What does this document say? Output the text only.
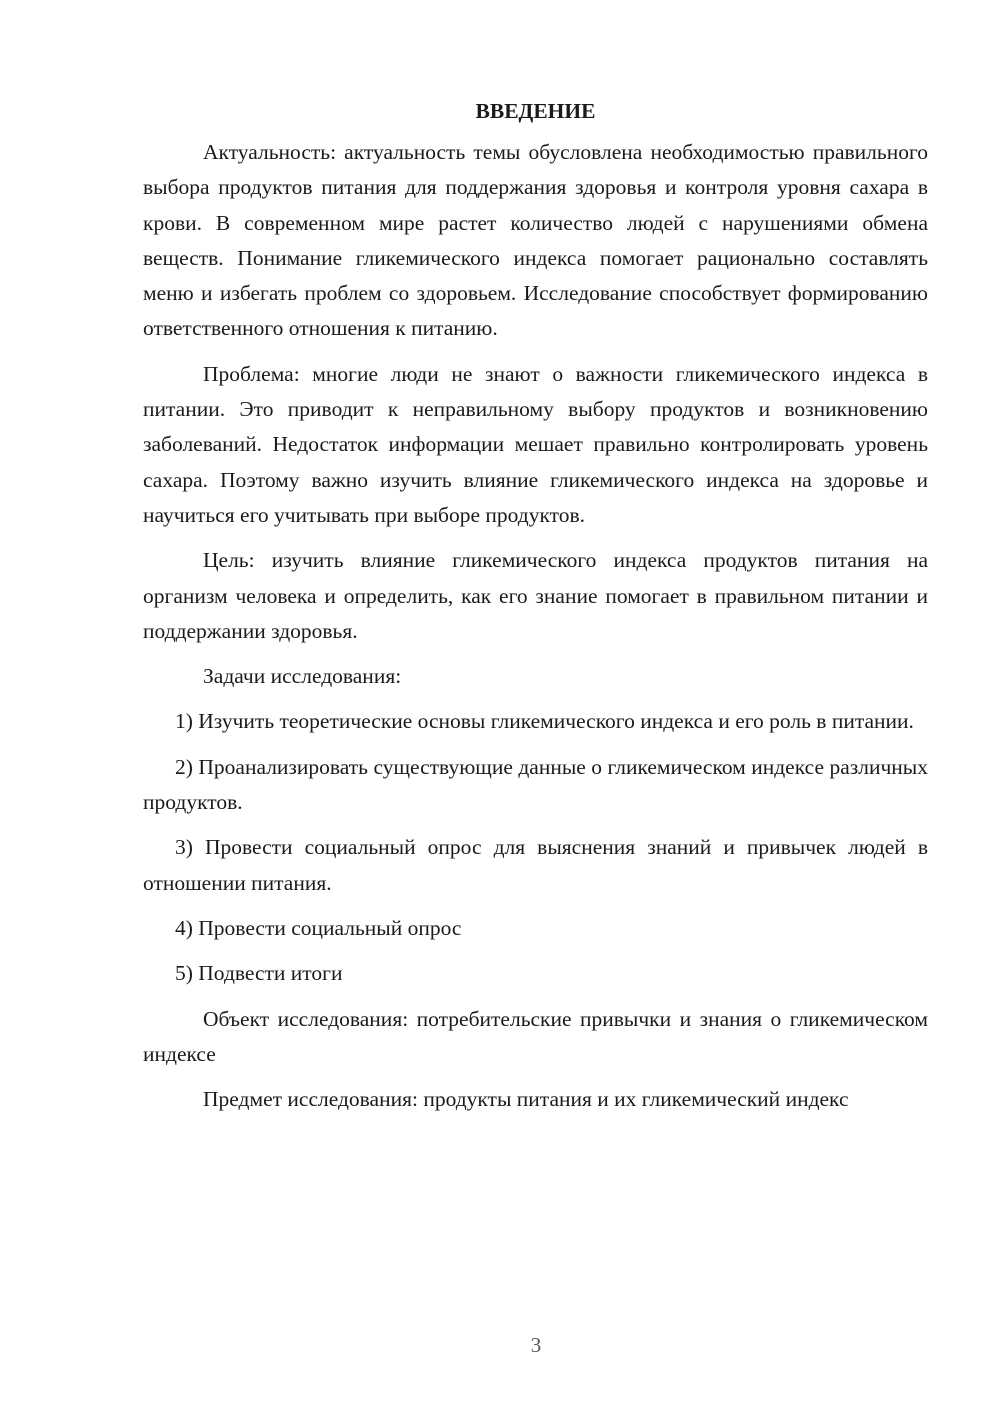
ВВЕДЕНИЕ

Актуальность: актуальность темы обусловлена необходимостью правильного выбора продуктов питания для поддержания здоровья и контроля уровня сахара в крови. В современном мире растет количество людей с нарушениями обмена веществ. Понимание гликемического индекса помогает рационально составлять меню и избегать проблем со здоровьем. Исследование способствует формированию ответственного отношения к питанию.

Проблема: многие люди не знают о важности гликемического индекса в питании. Это приводит к неправильному выбору продуктов и возникновению заболеваний. Недостаток информации мешает правильно контролировать уровень сахара. Поэтому важно изучить влияние гликемического индекса на здоровье и научиться его учитывать при выборе продуктов.

Цель: изучить влияние гликемического индекса продуктов питания на организм человека и определить, как его знание помогает в правильном питании и поддержании здоровья.

Задачи исследования:

1) Изучить теоретические основы гликемического индекса и его роль в питании.

2) Проанализировать существующие данные о гликемическом индексе различных продуктов.

3) Провести социальный опрос для выяснения знаний и привычек людей в отношении питания.

4) Провести социальный опрос

5) Подвести итоги

Объект исследования: потребительские привычки и знания о гликемическом индексе

Предмет исследования: продукты питания и их гликемический индекс

3
